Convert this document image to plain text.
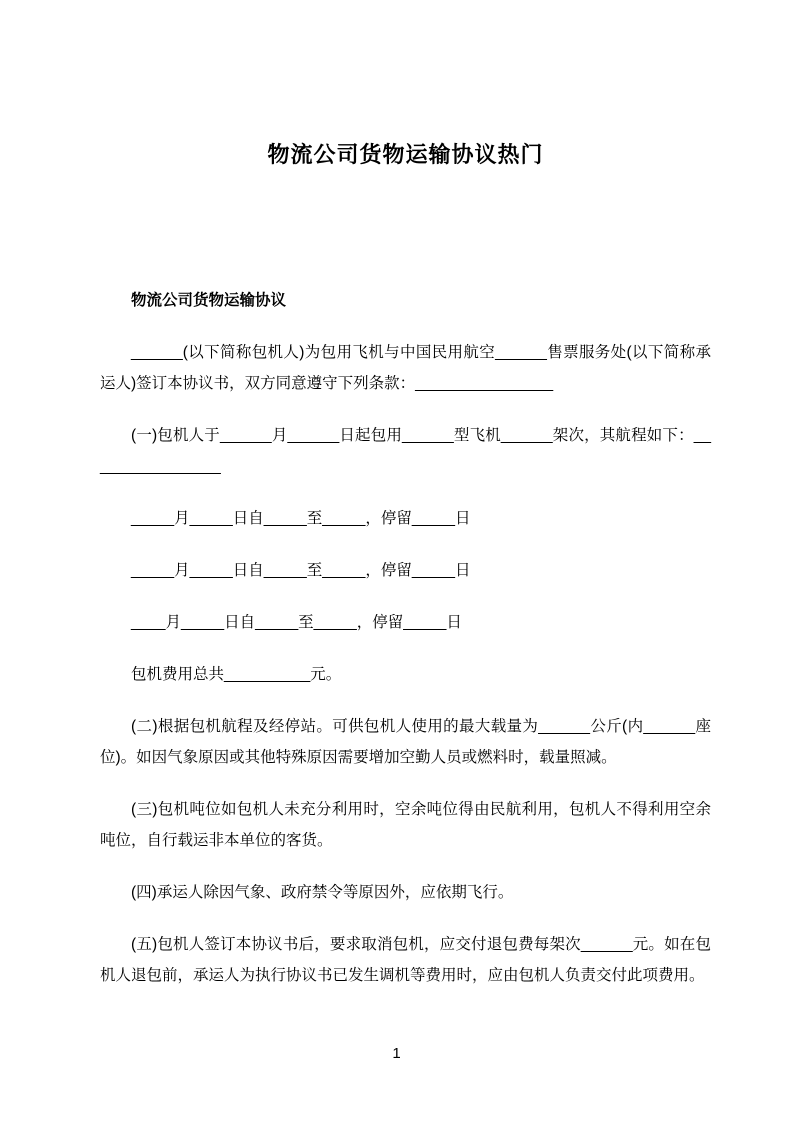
物流公司货物运输协议热门

物流公司货物运输协议

______(以下简称包机人)为包用飞机与中国民用航空______售票服务处(以下简称承运人)签订本协议书，双方同意遵守下列条款：________________

(一)包机人于______月______日起包用______型飞机______架次，其航程如下：________________

_____月_____日自_____至_____，停留_____日

_____月_____日自_____至_____，停留_____日

____月_____日自_____至_____，停留_____日

包机费用总共__________元。

(二)根据包机航程及经停站。可供包机人使用的最大载量为______公斤(内______座位)。如因气象原因或其他特殊原因需要增加空勤人员或燃料时，载量照减。

(三)包机吨位如包机人未充分利用时，空余吨位得由民航利用，包机人不得利用空余吨位，自行载运非本单位的客货。

(四)承运人除因气象、政府禁令等原因外，应依期飞行。

(五)包机人签订本协议书后，要求取消包机，应交付退包费每架次______元。如在包机人退包前，承运人为执行协议书已发生调机等费用时，应由包机人负责交付此项费用。

1
